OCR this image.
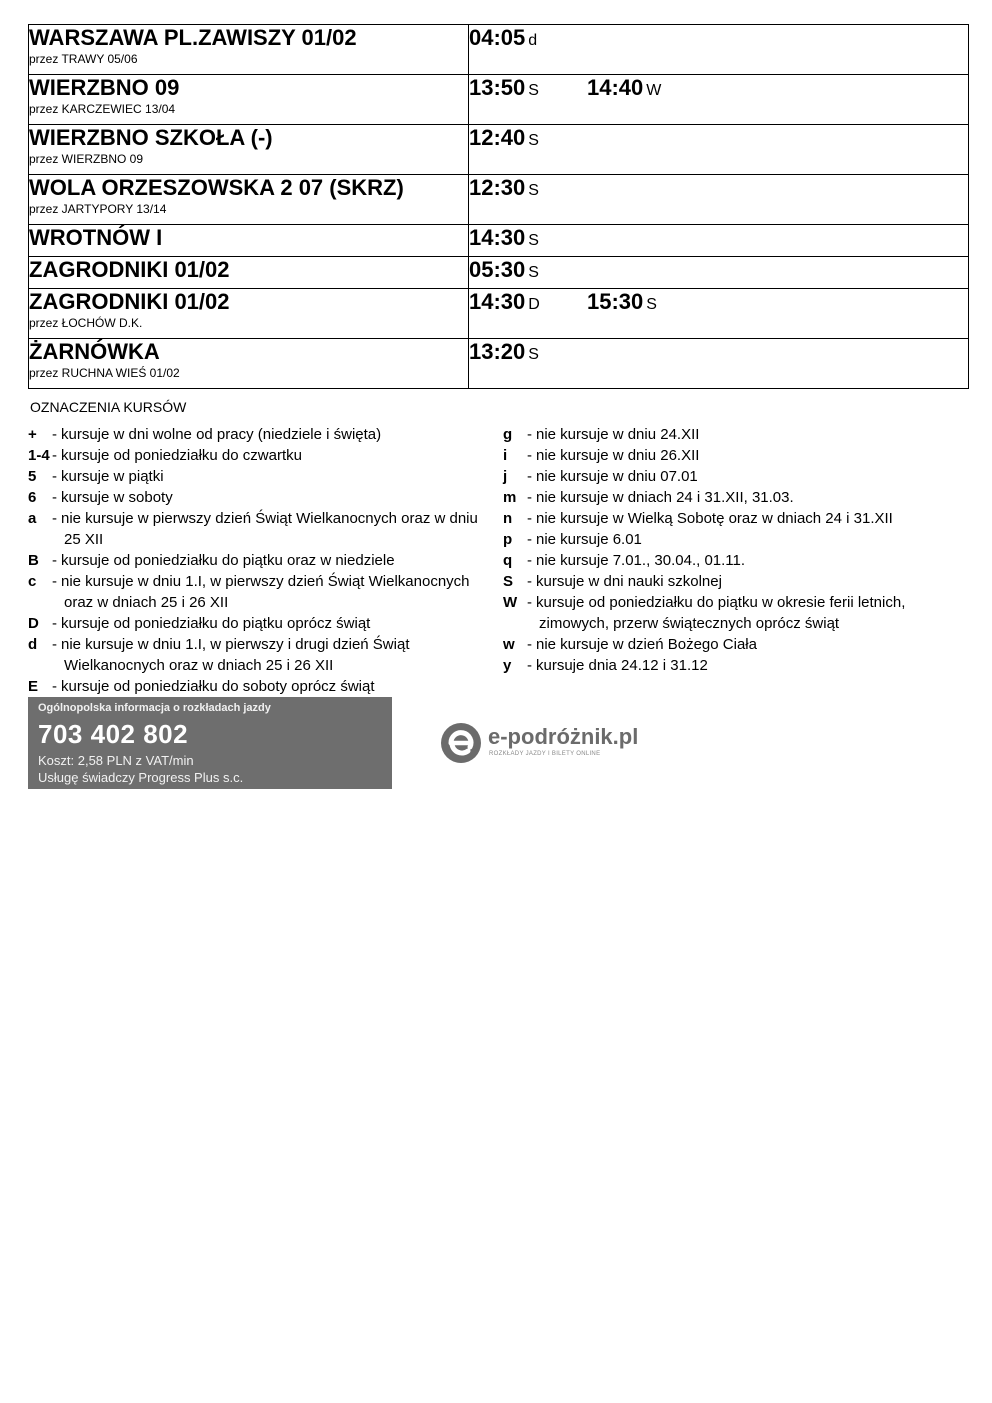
WARSZAWA PL.ZAWISZY 01/02
przez TRAWY 05/06	04:05 d

WIERZBNO 09
przez KARCZEWIEC 13/04	13:50 S 14:40 W

WIERZBNO SZKOŁA (-)
przez WIERZBNO 09	12:40 S

WOLA ORZESZOWSKA 2 07 (SKRZ)
przez JARTYPORY 13/14	12:30 S

WROTNÓW I	14:30 S

ZAGRODNIKI 01/02	05:30 S

ZAGRODNIKI 01/02
przez ŁOCHÓW D.K.	14:30 D 15:30 S

ŻARNÓWKA
przez RUCHNA WIEŚ 01/02	13:20 S
OZNACZENIA KURSÓW
+	- kursuje w dni wolne od pracy (niedziele i święta)
1-4 - kursuje od poniedziałku do czwartku
5	- kursuje w piątki
6	- kursuje w soboty
a	- nie kursuje w pierwszy dzień Świąt Wielkanocnych oraz w dniu 25 XII
B - kursuje od poniedziałku do piątku oraz w niedziele
c	- nie kursuje w dniu 1.I, w pierwszy dzień Świąt Wielkanocnych oraz w dniach 25 i 26 XII
D - kursuje od poniedziałku do piątku oprócz świąt
d - nie kursuje w dniu 1.I, w pierwszy i drugi dzień Świąt Wielkanocnych oraz w dniach 25 i 26 XII
E - kursuje od poniedziałku do soboty oprócz świąt
g - nie kursuje w dniu 24.XII
i	- nie kursuje w dniu 26.XII
j	- nie kursuje w dniu 07.01
m - nie kursuje w dniach 24 i 31.XII, 31.03.
n - nie kursuje w Wielką Sobotę oraz w dniach 24 i 31.XII
p - nie kursuje 6.01
q - nie kursuje 7.01., 30.04., 01.11.
S - kursuje w dni nauki szkolnej
W - kursuje od poniedziałku do piątku w okresie ferii letnich, zimowych, przerw świątecznych oprócz świąt
w - nie kursuje w dzień Bożego Ciała
y	- kursuje dnia 24.12 i 31.12
Ogólnopolska informacja o rozkładach jazdy
703 402 802
Koszt: 2,58 PLN z VAT/min
Usługę świadczy Progress Plus s.c.
e-podróżnik.pl
ROZKŁADY JAZDY I BILETY ONLINE
